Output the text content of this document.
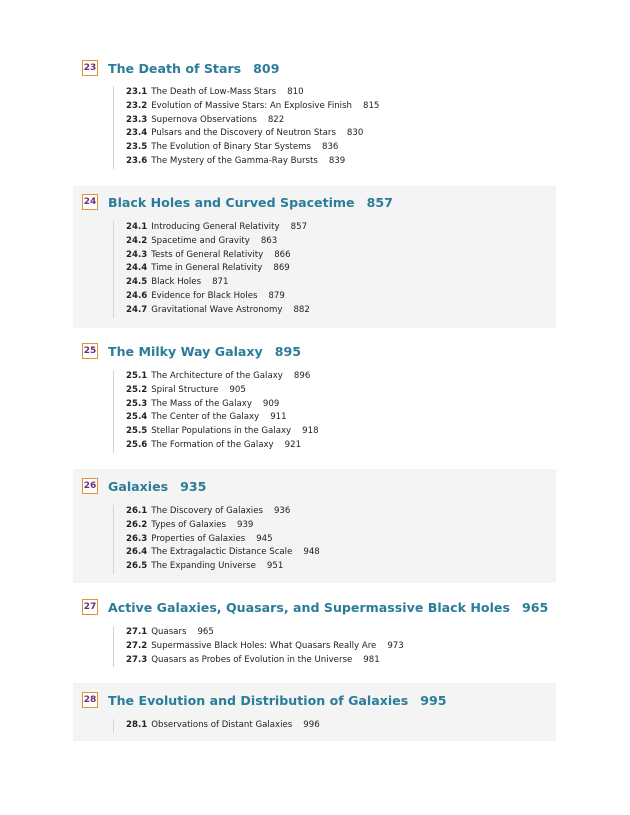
23 The Death of Stars 809
23.1 The Death of Low-Mass Stars 810
23.2 Evolution of Massive Stars: An Explosive Finish 815
23.3 Supernova Observations 822
23.4 Pulsars and the Discovery of Neutron Stars 830
23.5 The Evolution of Binary Star Systems 836
23.6 The Mystery of the Gamma-Ray Bursts 839
24 Black Holes and Curved Spacetime 857
24.1 Introducing General Relativity 857
24.2 Spacetime and Gravity 863
24.3 Tests of General Relativity 866
24.4 Time in General Relativity 869
24.5 Black Holes 871
24.6 Evidence for Black Holes 879
24.7 Gravitational Wave Astronomy 882
25 The Milky Way Galaxy 895
25.1 The Architecture of the Galaxy 896
25.2 Spiral Structure 905
25.3 The Mass of the Galaxy 909
25.4 The Center of the Galaxy 911
25.5 Stellar Populations in the Galaxy 918
25.6 The Formation of the Galaxy 921
26 Galaxies 935
26.1 The Discovery of Galaxies 936
26.2 Types of Galaxies 939
26.3 Properties of Galaxies 945
26.4 The Extragalactic Distance Scale 948
26.5 The Expanding Universe 951
27 Active Galaxies, Quasars, and Supermassive Black Holes 965
27.1 Quasars 965
27.2 Supermassive Black Holes: What Quasars Really Are 973
27.3 Quasars as Probes of Evolution in the Universe 981
28 The Evolution and Distribution of Galaxies 995
28.1 Observations of Distant Galaxies 996
